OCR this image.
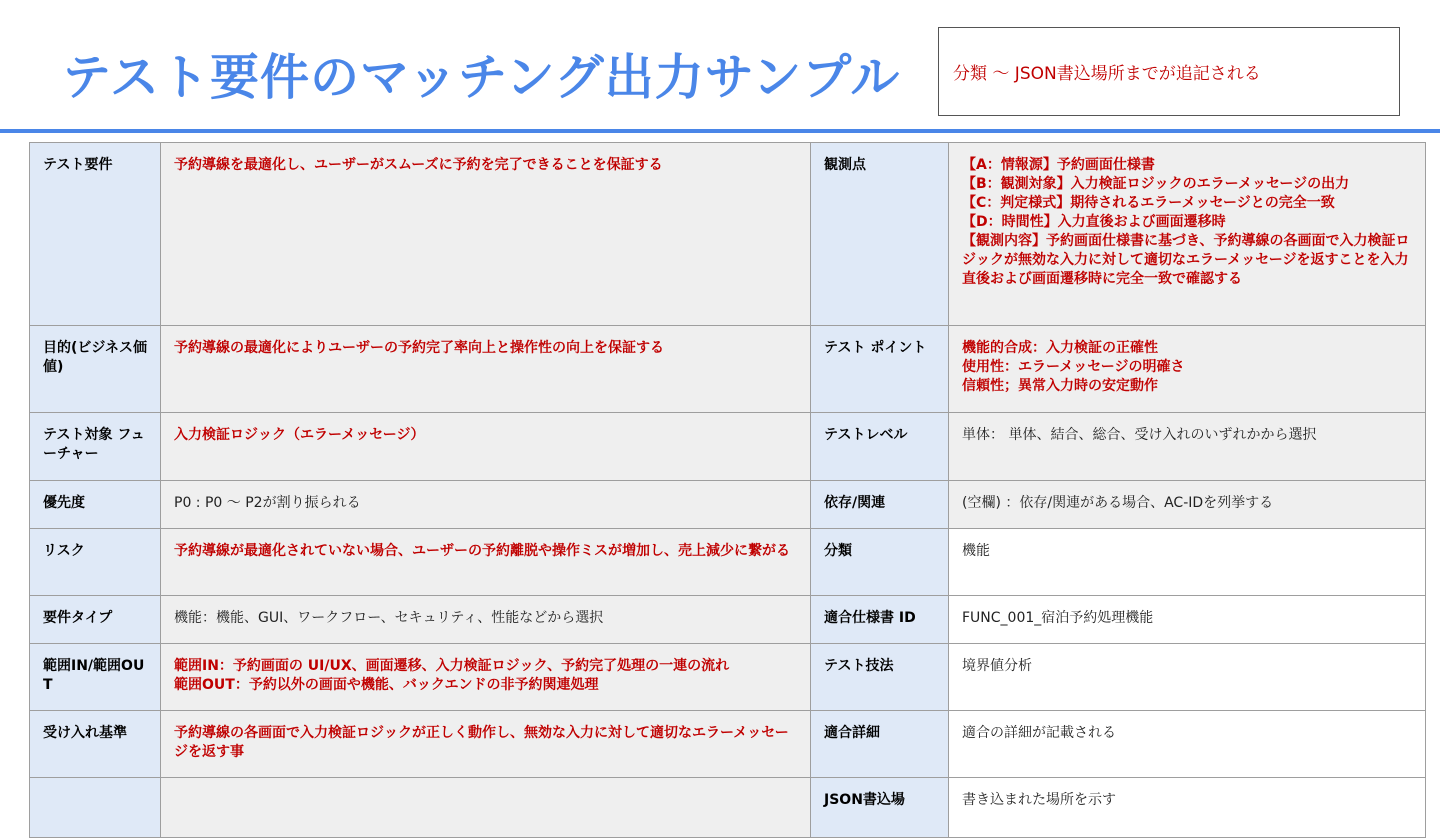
テスト要件のマッチング出力サンプル	分類 ～ JSON書込場所までが追記される
テスト要件	予約導線を最適化し、ユーザーがスムーズに予約を完了できることを保証する	観測点	【A：情報源】予約画面仕様書
【B：観測対象】入力検証ロジックのエラーメッセージの出力
【C：判定様式】期待されるエラーメッセージとの完全一致
【D：時間性】入力直後および画面遷移時
【観測内容】予約画面仕様書に基づき、予約導線の各画面で入力検証ロジックが無効な入力に対して適切なエラーメッセージを返すことを入力直後および画面遷移時に完全一致で確認する

目的(ビジネス価値)	予約導線の最適化によりユーザーの予約完了率向上と操作性の向上を保証する	テスト ポイント	機能的合成：入力検証の正確性
使用性：エラーメッセージの明確さ
信頼性；異常入力時の安定動作

テスト対象 フューチャー	入力検証ロジック（エラーメッセージ）	テストレベル	単体： 単体、結合、総合、受け入れのいずれかから選択
優先度	P0 : P0 ～ P2が割り振られる	依存/関連	(空欄) ：依存/関連がある場合、AC-IDを列挙する
リスク	予約導線が最適化されていない場合、ユーザーの予約離脱や操作ミスが増加し、売上減少に繋がる	分類	機能
要件タイプ	機能：機能、GUI、ワークフロー、セキュリティ、性能などから選択	適合仕様書 ID	FUNC_001_宿泊予約処理機能
範囲IN/範囲OUT	範囲IN：予約画面の UI/UX、画面遷移、入力検証ロジック、予約完了処理の一連の流れ
範囲OUT：予約以外の画面や機能、バックエンドの非予約関連処理	テスト技法	境界値分析
受け入れ基準	予約導線の各画面で入力検証ロジックが正しく動作し、無効な入力に対して適切なエラーメッセージを返す事	適合詳細	適合の詳細が記載される
		JSON書込場	書き込まれた場所を示す
